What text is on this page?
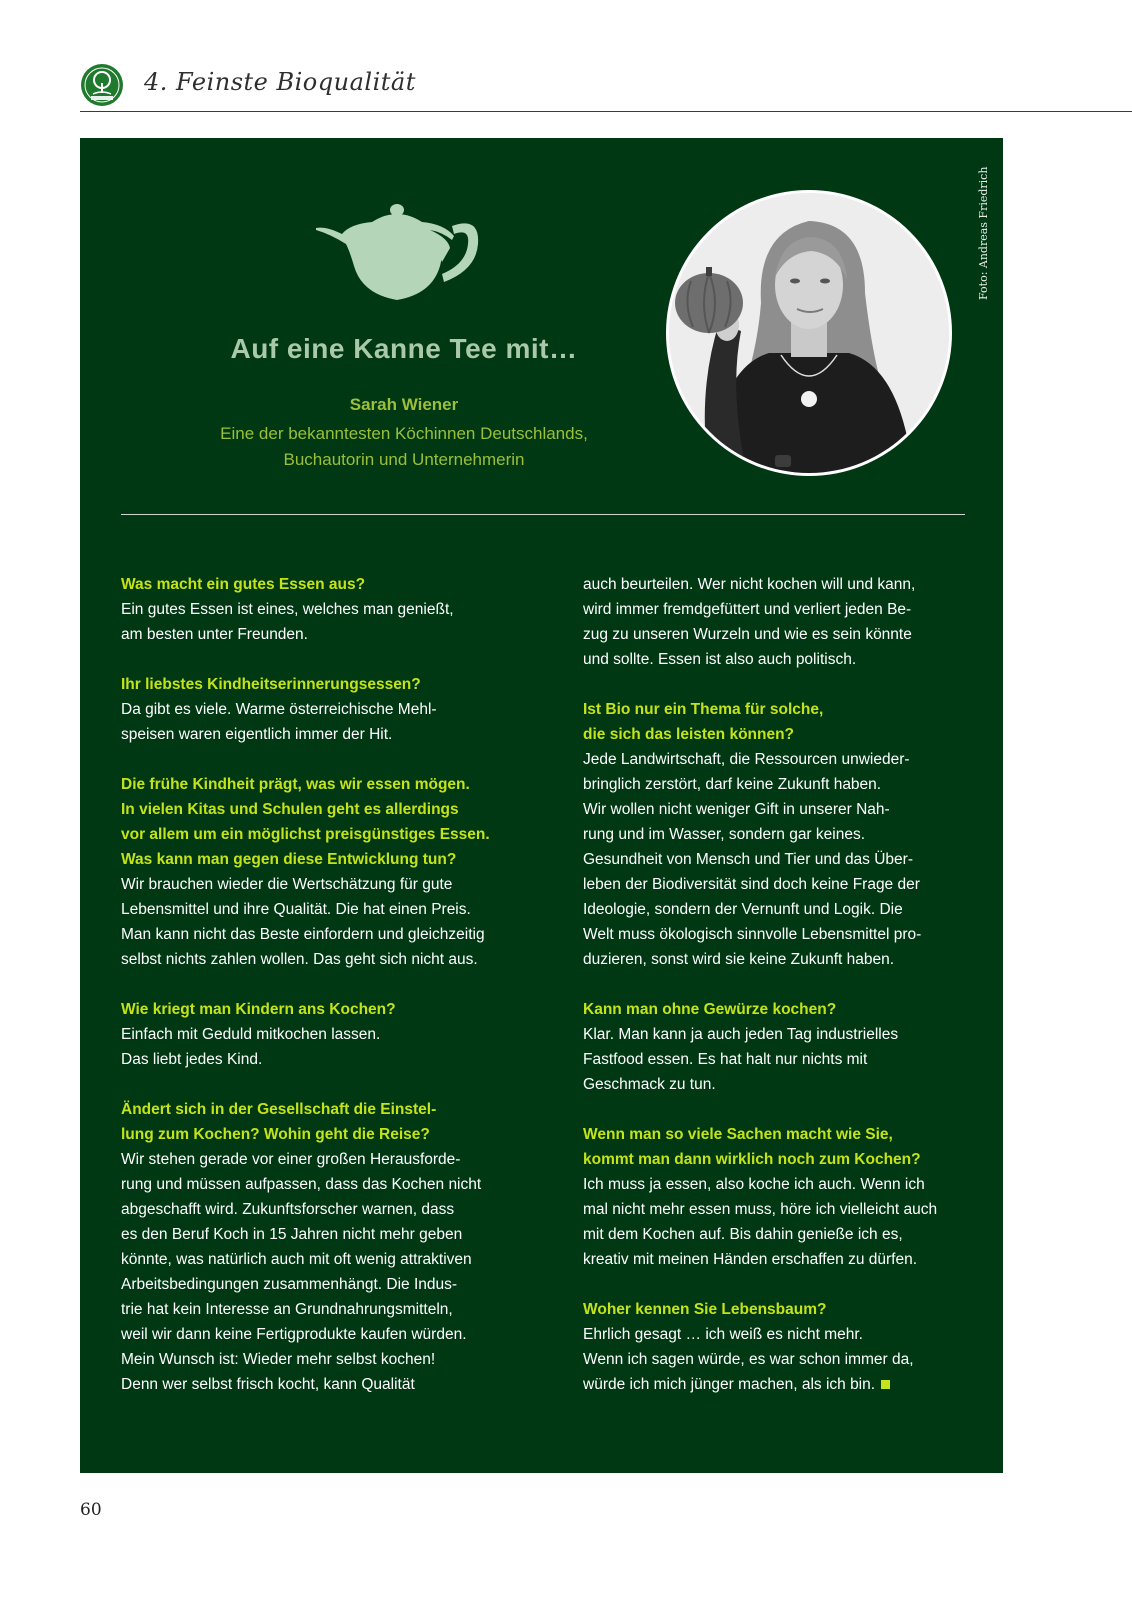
4. Feinste Bioqualität
Foto: Andreas Friedrich
Auf eine Kanne Tee mit…
Sarah Wiener
Eine der bekanntesten Köchinnen Deutschlands,
Buchautorin und Unternehmerin

Was macht ein gutes Essen aus?
Ein gutes Essen ist eines, welches man genießt,
am besten unter Freunden.

Ihr liebstes Kindheitserinnerungsessen?
Da gibt es viele. Warme österreichische Mehl-
speisen waren eigentlich immer der Hit.

Die frühe Kindheit prägt, was wir essen mögen.
In vielen Kitas und Schulen geht es allerdings
vor allem um ein möglichst preisgünstiges Essen.
Was kann man gegen diese Entwicklung tun?
Wir brauchen wieder die Wertschätzung für gute
Lebensmittel und ihre Qualität. Die hat einen Preis.
Man kann nicht das Beste einfordern und gleichzeitig
selbst nichts zahlen wollen. Das geht sich nicht aus.

Wie kriegt man Kindern ans Kochen?
Einfach mit Geduld mitkochen lassen.
Das liebt jedes Kind.

Ändert sich in der Gesellschaft die Einstel-
lung zum Kochen? Wohin geht die Reise?
Wir stehen gerade vor einer großen Herausforde-
rung und müssen aufpassen, dass das Kochen nicht
abgeschafft wird. Zukunftsforscher warnen, dass
es den Beruf Koch in 15 Jahren nicht mehr geben
könnte, was natürlich auch mit oft wenig attraktiven
Arbeitsbedingungen zusammenhängt. Die Indus-
trie hat kein Interesse an Grundnahrungsmitteln,
weil wir dann keine Fertigprodukte kaufen würden.
Mein Wunsch ist: Wieder mehr selbst kochen!
Denn wer selbst frisch kocht, kann Qualität

auch beurteilen. Wer nicht kochen will und kann,
wird immer fremdgefüttert und verliert jeden Be-
zug zu unseren Wurzeln und wie es sein könnte
und sollte. Essen ist also auch politisch.

Ist Bio nur ein Thema für solche,
die sich das leisten können?
Jede Landwirtschaft, die Ressourcen unwieder-
bringlich zerstört, darf keine Zukunft haben.
Wir wollen nicht weniger Gift in unserer Nah-
rung und im Wasser, sondern gar keines.
Gesundheit von Mensch und Tier und das Über-
leben der Biodiversität sind doch keine Frage der
Ideologie, sondern der Vernunft und Logik. Die
Welt muss ökologisch sinnvolle Lebensmittel pro-
duzieren, sonst wird sie keine Zukunft haben.

Kann man ohne Gewürze kochen?
Klar. Man kann ja auch jeden Tag industrielles
Fastfood essen. Es hat halt nur nichts mit
Geschmack zu tun.

Wenn man so viele Sachen macht wie Sie,
kommt man dann wirklich noch zum Kochen?
Ich muss ja essen, also koche ich auch. Wenn ich
mal nicht mehr essen muss, höre ich vielleicht auch
mit dem Kochen auf. Bis dahin genieße ich es,
kreativ mit meinen Händen erschaffen zu dürfen.

Woher kennen Sie Lebensbaum?
Ehrlich gesagt … ich weiß es nicht mehr.
Wenn ich sagen würde, es war schon immer da,
würde ich mich jünger machen, als ich bin.

60
